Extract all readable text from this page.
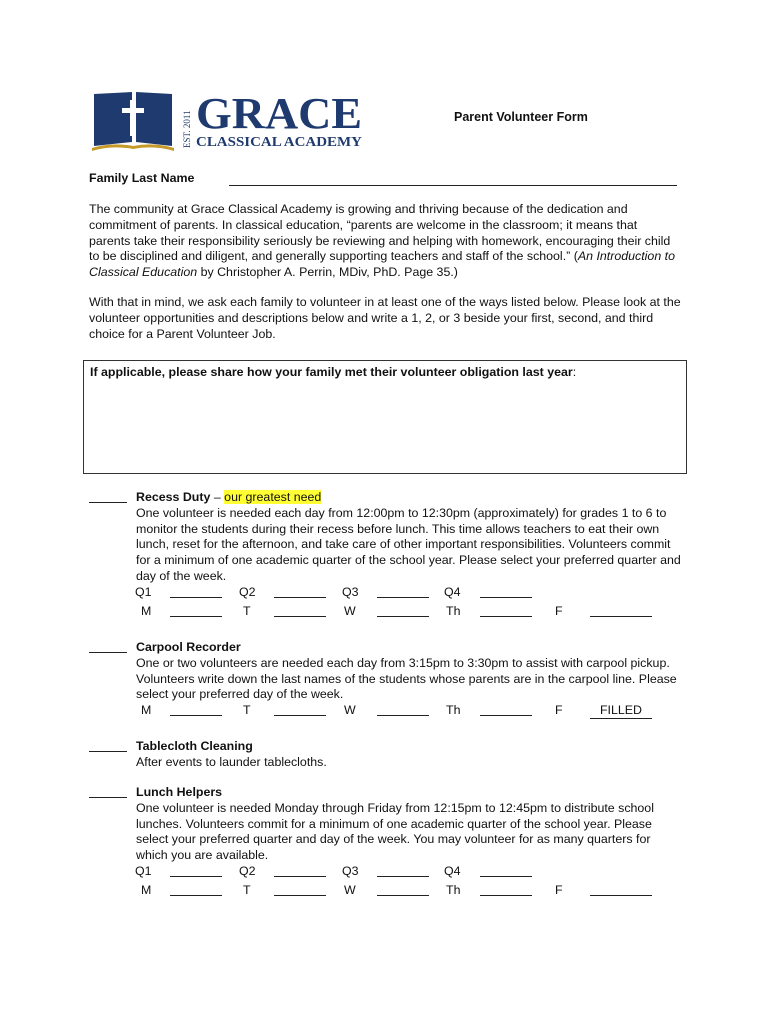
EST. 2011 GRACE
CLASSICAL ACADEMY
Parent Volunteer Form
Family Last Name

The community at Grace Classical Academy is growing and thriving because of the dedication and commitment of parents. In classical education, “parents are welcome in the classroom; it means that parents take their responsibility seriously be reviewing and helping with homework, encouraging their child to be disciplined and diligent, and generally supporting teachers and staff of the school.” (An Introduction to Classical Education by Christopher A. Perrin, MDiv, PhD. Page 35.)

With that in mind, we ask each family to volunteer in at least one of the ways listed below. Please look at the volunteer opportunities and descriptions below and write a 1, 2, or 3 beside your first, second, and third choice for a Parent Volunteer Job.

If applicable, please share how your family met their volunteer obligation last year:
Recess Duty – our greatest need
One volunteer is needed each day from 12:00pm to 12:30pm (approximately) for grades 1 to 6 to monitor the students during their recess before lunch. This time allows teachers to eat their own lunch, reset for the afternoon, and take care of other important responsibilities. Volunteers commit for a minimum of one academic quarter of the school year. Please select your preferred quarter and day of the week.
Q1	Q2	Q3	Q4
M	T	W	Th	F
Carpool Recorder
One or two volunteers are needed each day from 3:15pm to 3:30pm to assist with carpool pickup. Volunteers write down the last names of the students whose parents are in the carpool line. Please select your preferred day of the week.
M	T	W	Th	F	FILLED
Tablecloth Cleaning
After events to launder tablecloths.
Lunch Helpers
One volunteer is needed Monday through Friday from 12:15pm to 12:45pm to distribute school lunches. Volunteers commit for a minimum of one academic quarter of the school year. Please select your preferred quarter and day of the week. You may volunteer for as many quarters for which you are available.
Q1	Q2	Q3	Q4
M	T	W	Th	F
